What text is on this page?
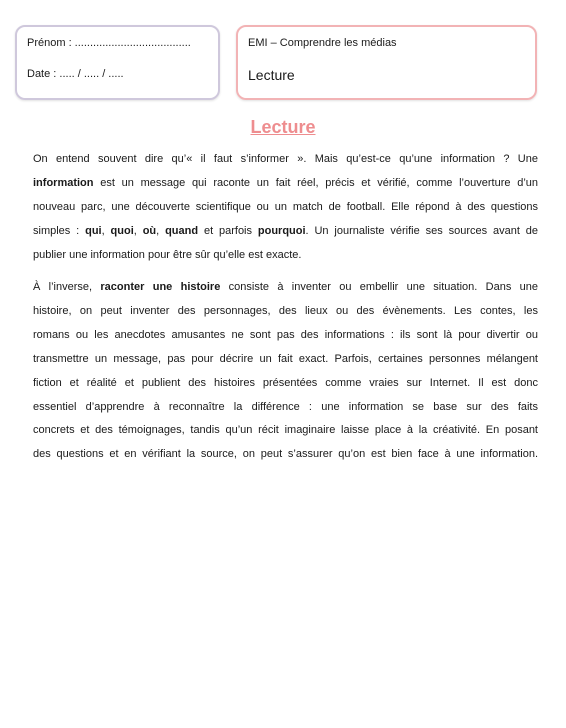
Prénom : ......................................
Date : ..... / ..... / .....
EMI – Comprendre les médias
Lecture
Lecture
On entend souvent dire qu’« il faut s’informer ». Mais qu’est-ce qu’une information ? Une
information est un message qui raconte un fait réel, précis et vérifié, comme l’ouverture d’un
nouveau parc, une découverte scientifique ou un match de football. Elle répond à des questions
simples : qui, quoi, où, quand et parfois pourquoi. Un journaliste vérifie ses sources avant de
publier une information pour être sûr qu’elle est exacte.
À l’inverse, raconter une histoire consiste à inventer ou embellir une situation. Dans une
histoire, on peut inventer des personnages, des lieux ou des évènements. Les contes, les
romans ou les anecdotes amusantes ne sont pas des informations : ils sont là pour divertir ou
transmettre un message, pas pour décrire un fait exact. Parfois, certaines personnes mélangent
fiction et réalité et publient des histoires présentées comme vraies sur Internet. Il est donc
essentiel d’apprendre à reconnaître la différence : une information se base sur des faits
concrets et des témoignages, tandis qu’un récit imaginaire laisse place à la créativité. En posant
des questions et en vérifiant la source, on peut s’assurer qu’on est bien face à une information.
